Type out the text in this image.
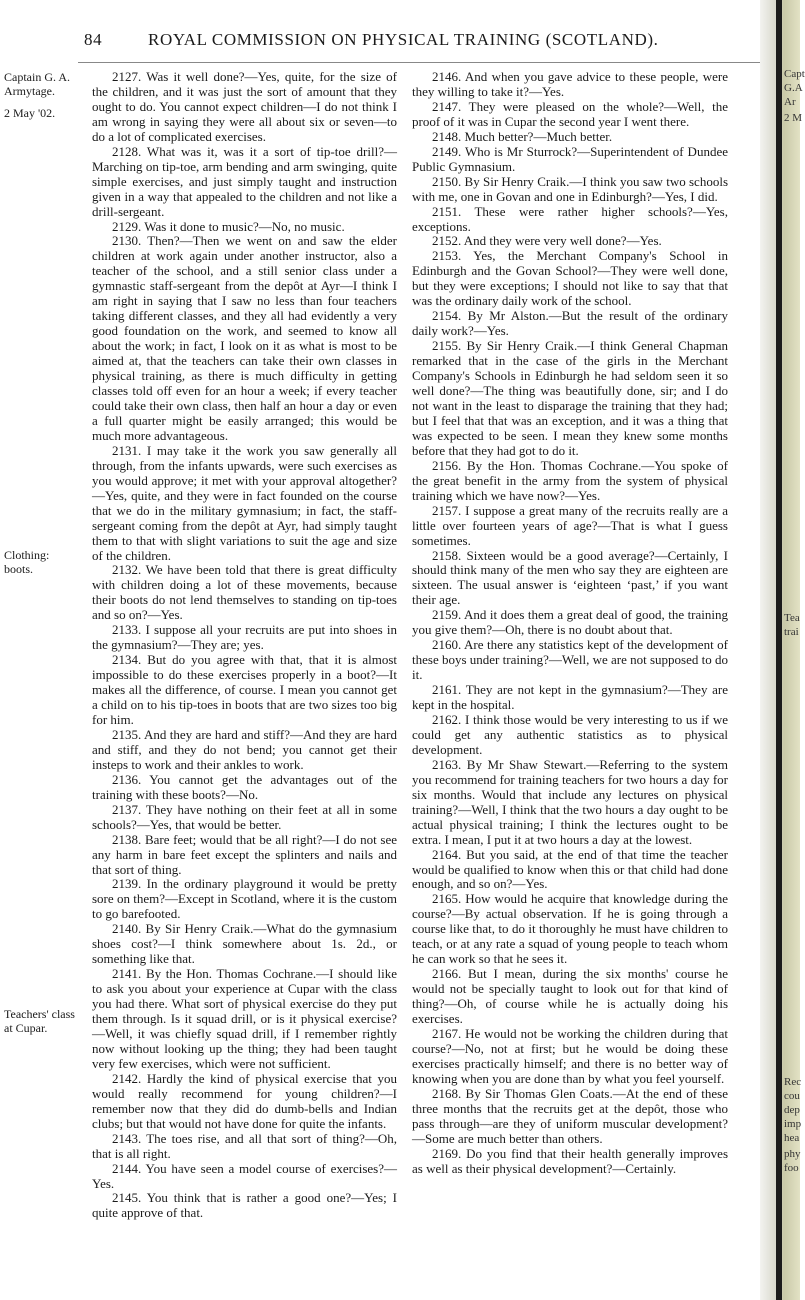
84	ROYAL COMMISSION ON PHYSICAL TRAINING (SCOTLAND).
Captain G. A. Armytage.
2 May '02.
Clothing: boots.
Teachers' class at Cupar.

2127. Was it well done?—Yes, quite, for the size of the children, and it was just the sort of amount that they ought to do. You cannot expect children—I do not think I am wrong in saying they were all about six or seven—to do a lot of complicated exercises.

2128. What was it, was it a sort of tip-toe drill?—Marching on tip-toe, arm bending and arm swinging, quite simple exercises, and just simply taught and instruction given in a way that appealed to the children and not like a drill-sergeant.

2129. Was it done to music?—No, no music.

2130. Then?—Then we went on and saw the elder children at work again under another instructor, also a teacher of the school, and a still senior class under a gymnastic staff-sergeant from the depôt at Ayr—I think I am right in saying that I saw no less than four teachers taking different classes, and they all had evidently a very good foundation on the work, and seemed to know all about the work; in fact, I look on it as what is most to be aimed at, that the teachers can take their own classes in physical training, as there is much difficulty in getting classes told off even for an hour a week; if every teacher could take their own class, then half an hour a day or even a full quarter might be easily arranged; this would be much more advantageous.

2131. I may take it the work you saw generally all through, from the infants upwards, were such exercises as you would approve; it met with your approval altogether?—Yes, quite, and they were in fact founded on the course that we do in the military gymnasium; in fact, the staff-sergeant coming from the depôt at Ayr, had simply taught them to that with slight variations to suit the age and size of the children.

2132. We have been told that there is great difficulty with children doing a lot of these movements, because their boots do not lend themselves to standing on tip-toes and so on?—Yes.

2133. I suppose all your recruits are put into shoes in the gymnasium?—They are; yes.

2134. But do you agree with that, that it is almost impossible to do these exercises properly in a boot?—It makes all the difference, of course. I mean you cannot get a child on to his tip-toes in boots that are two sizes too big for him.

2135. And they are hard and stiff?—And they are hard and stiff, and they do not bend; you cannot get their insteps to work and their ankles to work.

2136. You cannot get the advantages out of the training with these boots?—No.

2137. They have nothing on their feet at all in some schools?—Yes, that would be better.

2138. Bare feet; would that be all right?—I do not see any harm in bare feet except the splinters and nails and that sort of thing.

2139. In the ordinary playground it would be pretty sore on them?—Except in Scotland, where it is the custom to go barefooted.

2140. By Sir Henry Craik.—What do the gymnasium shoes cost?—I think somewhere about 1s. 2d., or something like that.

2141. By the Hon. Thomas Cochrane.—I should like to ask you about your experience at Cupar with the class you had there. What sort of physical exercise do they put them through. Is it squad drill, or is it physical exercise?—Well, it was chiefly squad drill, if I remember rightly now without looking up the thing; they had been taught very few exercises, which were not sufficient.

2142. Hardly the kind of physical exercise that you would really recommend for young children?—I remember now that they did do dumb-bells and Indian clubs; but that would not have done for quite the infants.

2143. The toes rise, and all that sort of thing?—Oh, that is all right.

2144. You have seen a model course of exercises?—Yes.

2145. You think that is rather a good one?—Yes; I quite approve of that.

2146. And when you gave advice to these people, were they willing to take it?—Yes.

2147. They were pleased on the whole?—Well, the proof of it was in Cupar the second year I went there.

2148. Much better?—Much better.

2149. Who is Mr Sturrock?—Superintendent of Dundee Public Gymnasium.

2150. By Sir Henry Craik.—I think you saw two schools with me, one in Govan and one in Edinburgh?—Yes, I did.

2151. These were rather higher schools?—Yes, exceptions.

2152. And they were very well done?—Yes.

2153. Yes, the Merchant Company's School in Edinburgh and the Govan School?—They were well done, but they were exceptions; I should not like to say that that was the ordinary daily work of the school.

2154. By Mr Alston.—But the result of the ordinary daily work?—Yes.

2155. By Sir Henry Craik.—I think General Chapman remarked that in the case of the girls in the Merchant Company's Schools in Edinburgh he had seldom seen it so well done?—The thing was beautifully done, sir; and I do not want in the least to disparage the training that they had; but I feel that that was an exception, and it was a thing that was expected to be seen. I mean they knew some months before that they had got to do it.

2156. By the Hon. Thomas Cochrane.—You spoke of the great benefit in the army from the system of physical training which we have now?—Yes.

2157. I suppose a great many of the recruits really are a little over fourteen years of age?—That is what I guess sometimes.

2158. Sixteen would be a good average?—Certainly, I should think many of the men who say they are eighteen are sixteen. The usual answer is ‘eighteen ‘past,’ if you want their age.

2159. And it does them a great deal of good, the training you give them?—Oh, there is no doubt about that.

2160. Are there any statistics kept of the development of these boys under training?—Well, we are not supposed to do it.

2161. They are not kept in the gymnasium?—They are kept in the hospital.

2162. I think those would be very interesting to us if we could get any authentic statistics as to physical development.

2163. By Mr Shaw Stewart.—Referring to the system you recommend for training teachers for two hours a day for six months. Would that include any lectures on physical training?—Well, I think that the two hours a day ought to be actual physical training; I think the lectures ought to be extra. I mean, I put it at two hours a day at the lowest.

2164. But you said, at the end of that time the teacher would be qualified to know when this or that child had done enough, and so on?—Yes.

2165. How would he acquire that knowledge during the course?—By actual observation. If he is going through a course like that, to do it thoroughly he must have children to teach, or at any rate a squad of young people to teach whom he can work so that he sees it.

2166. But I mean, during the six months' course he would not be specially taught to look out for that kind of thing?—Oh, of course while he is actually doing his exercises.

2167. He would not be working the children during that course?—No, not at first; but he would be doing these exercises practically himself; and there is no better way of knowing when you are done than by what you feel yourself.

2168. By Sir Thomas Glen Coats.—At the end of these three months that the recruits get at the depôt, those who pass through—are they of uniform muscular development?—Some are much better than others.

2169. Do you find that their health generally improves as well as their physical development?—Certainly.

Capt
G.A
Ar
2 M
Tea
trai
Rec
cou
dep
imp
hea
phy
foo
